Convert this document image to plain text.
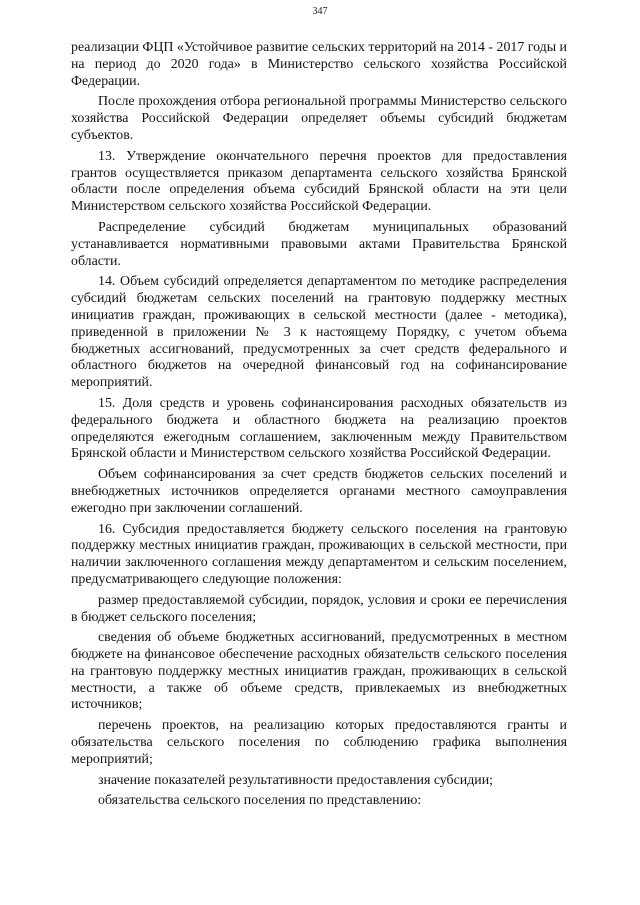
347

реализации ФЦП «Устойчивое развитие сельских территорий на 2014 - 2017 годы и на период до 2020 года» в Министерство сельского хозяйства Российской Федерации.

После прохождения отбора региональной программы Министерство сельского хозяйства Российской Федерации определяет объемы субсидий бюджетам субъектов.

13. Утверждение окончательного перечня проектов для предоставления грантов осуществляется приказом департамента сельского хозяйства Брянской области после определения объема субсидий Брянской области на эти цели Министерством сельского хозяйства Российской Федерации.

Распределение субсидий бюджетам муниципальных образований устанавливается нормативными правовыми актами Правительства Брянской области.

14. Объем субсидий определяется департаментом по методике распределения субсидий бюджетам сельских поселений на грантовую поддержку местных инициатив граждан, проживающих в сельской местности (далее - методика), приведенной в приложении № 3 к настоящему Порядку, с учетом объема бюджетных ассигнований, предусмотренных за счет средств федерального и областного бюджетов на очередной финансовый год на софинансирование мероприятий.

15. Доля средств и уровень софинансирования расходных обязательств из федерального бюджета и областного бюджета на реализацию проектов определяются ежегодным соглашением, заключенным между Правительством Брянской области и Министерством сельского хозяйства Российской Федерации.

Объем софинансирования за счет средств бюджетов сельских поселений и внебюджетных источников определяется органами местного самоуправления ежегодно при заключении соглашений.

16. Субсидия предоставляется бюджету сельского поселения на грантовую поддержку местных инициатив граждан, проживающих в сельской местности, при наличии заключенного соглашения между департаментом и сельским поселением, предусматривающего следующие положения:

размер предоставляемой субсидии, порядок, условия и сроки ее перечисления в бюджет сельского поселения;

сведения об объеме бюджетных ассигнований, предусмотренных в местном бюджете на финансовое обеспечение расходных обязательств сельского поселения на грантовую поддержку местных инициатив граждан, проживающих в сельской местности, а также об объеме средств, привлекаемых из внебюджетных источников;

перечень проектов, на реализацию которых предоставляются гранты и обязательства сельского поселения по соблюдению графика выполнения мероприятий;

значение показателей результативности предоставления субсидии;

обязательства сельского поселения по представлению:
